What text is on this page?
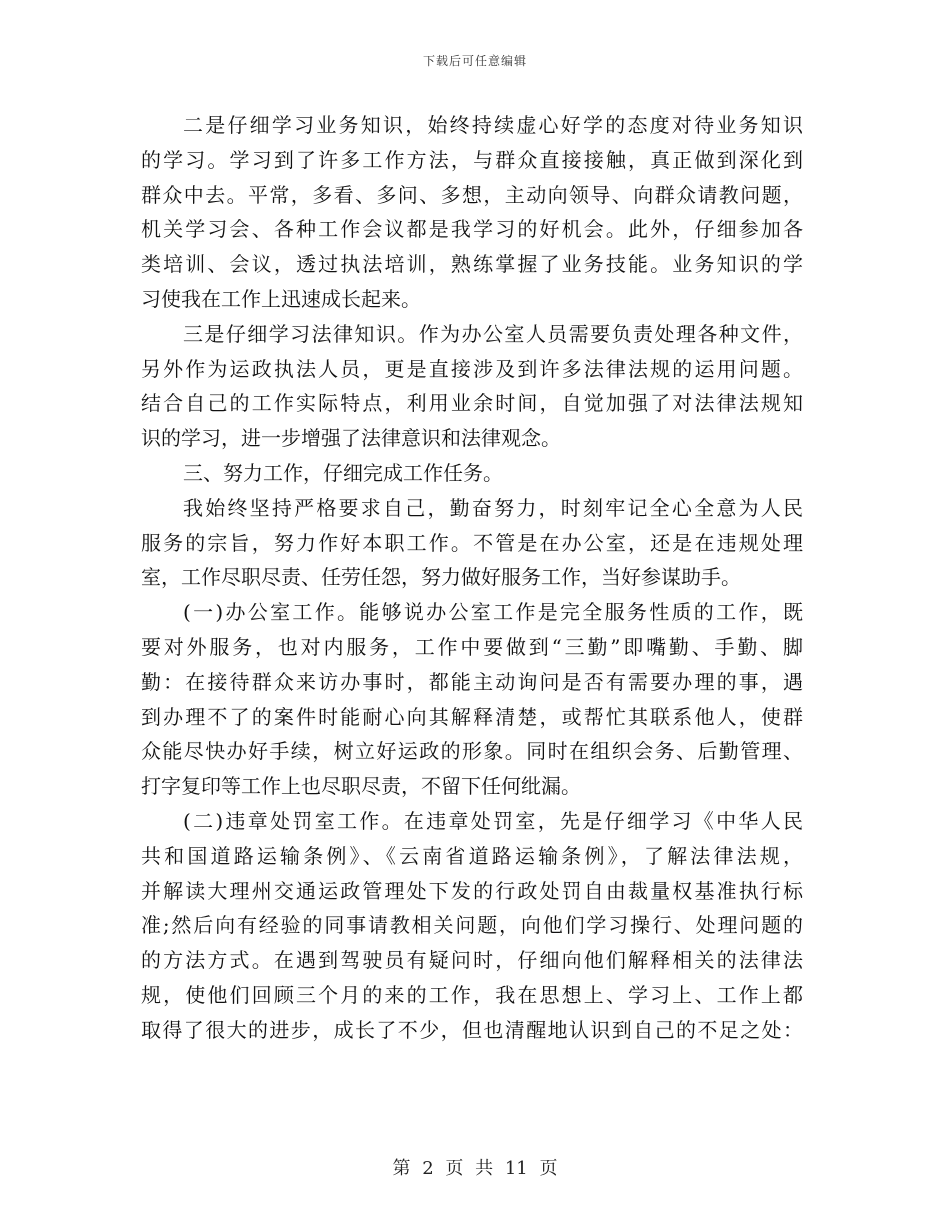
下载后可任意编辑
二是仔细学习业务知识，始终持续虚心好学的态度对待业务知识
的学习。学习到了许多工作方法，与群众直接接触，真正做到深化到
群众中去。平常，多看、多问、多想，主动向领导、向群众请教问题，
机关学习会、各种工作会议都是我学习的好机会。此外，仔细参加各
类培训、会议，透过执法培训，熟练掌握了业务技能。业务知识的学
习使我在工作上迅速成长起来。
三是仔细学习法律知识。作为办公室人员需要负责处理各种文件，
另外作为运政执法人员，更是直接涉及到许多法律法规的运用问题。
结合自己的工作实际特点，利用业余时间，自觉加强了对法律法规知
识的学习，进一步增强了法律意识和法律观念。
三、努力工作，仔细完成工作任务。
我始终坚持严格要求自己，勤奋努力，时刻牢记全心全意为人民
服务的宗旨，努力作好本职工作。不管是在办公室，还是在违规处理
室，工作尽职尽责、任劳任怨，努力做好服务工作，当好参谋助手。
(一)办公室工作。能够说办公室工作是完全服务性质的工作，既
要对外服务，也对内服务，工作中要做到“三勤”即嘴勤、手勤、脚
勤：在接待群众来访办事时，都能主动询问是否有需要办理的事，遇
到办理不了的案件时能耐心向其解释清楚，或帮忙其联系他人，使群
众能尽快办好手续，树立好运政的形象。同时在组织会务、后勤管理、
打字复印等工作上也尽职尽责，不留下任何纰漏。
(二)违章处罚室工作。在违章处罚室，先是仔细学习《中华人民
共和国道路运输条例》、《云南省道路运输条例》，了解法律法规，
并解读大理州交通运政管理处下发的行政处罚自由裁量权基准执行标
准;然后向有经验的同事请教相关问题，向他们学习操行、处理问题的
的方法方式。在遇到驾驶员有疑问时，仔细向他们解释相关的法律法
规，使他们回顾三个月的来的工作，我在思想上、学习上、工作上都
取得了很大的进步，成长了不少，但也清醒地认识到自己的不足之处：
第 2 页 共 11 页
